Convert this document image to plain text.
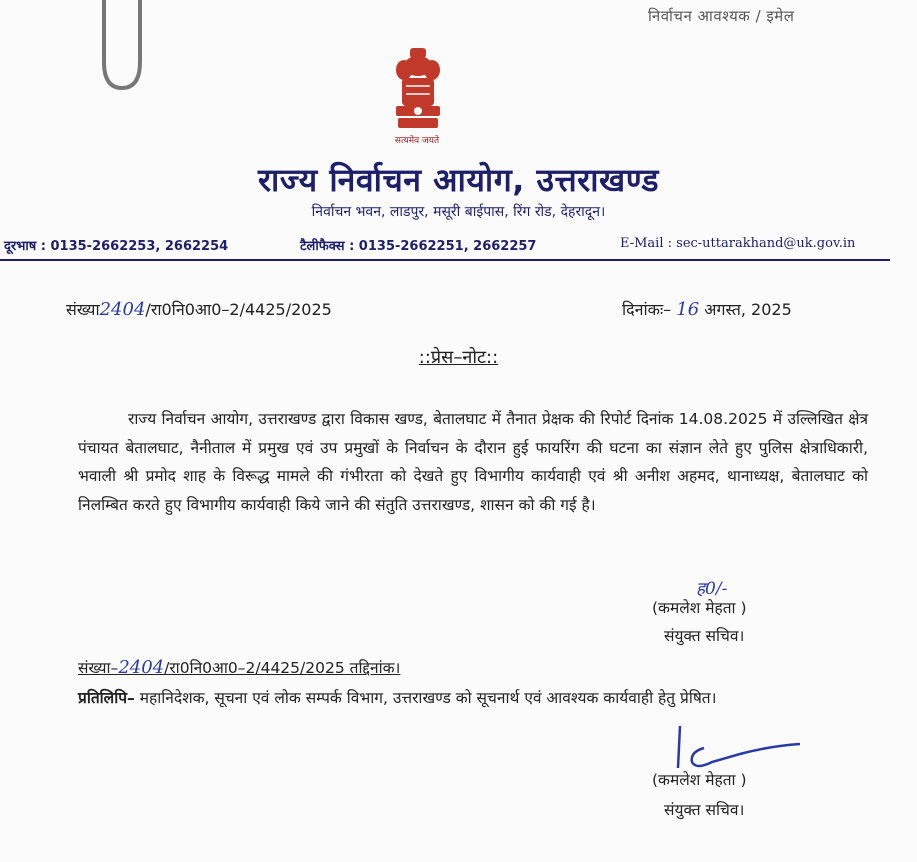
निर्वाचन आवश्यक / इमेल
सत्यमेव जयते
राज्य निर्वाचन आयोग, उत्तराखण्ड
निर्वाचन भवन, लाडपुर, मसूरी बाईपास, रिंग रोड, देहरादून।
दूरभाष : 0135-2662253, 2662254	टैलीफैक्स : 0135-2662251, 2662257	E-Mail : sec-uttarakhand@uk.gov.in
संख्या2404/रा0नि0आ0–2/4425/2025	दिनांकः– 16 अगस्त, 2025
::प्रेस–नोट::
राज्य निर्वाचन आयोग, उत्तराखण्ड द्वारा विकास खण्ड, बेतालघाट में तैनात प्रेक्षक की रिपोर्ट दिनांक 14.08.2025 में उल्लिखित क्षेत्र पंचायत बेतालघाट, नैनीताल में प्रमुख एवं उप प्रमुखों के निर्वाचन के दौरान हुई फायरिंग की घटना का संज्ञान लेते हुए पुलिस क्षेत्राधिकारी, भवाली श्री प्रमोद शाह के विरूद्ध मामले की गंभीरता को देखते हुए विभागीय कार्यवाही एवं श्री अनीश अहमद, थानाध्यक्ष, बेतालघाट को निलम्बित करते हुए विभागीय कार्यवाही किये जाने की संतुति उत्तराखण्ड, शासन को की गई है।
ह0/-
(कमलेश मेहता )
संयुक्त सचिव।
संख्या–2404/रा0नि0आ0–2/4425/2025 तद्दिनांक।
प्रतिलिपि– महानिदेशक, सूचना एवं लोक सम्पर्क विभाग, उत्तराखण्ड को सूचनार्थ एवं आवश्यक कार्यवाही हेतु प्रेषित।
(कमलेश मेहता )
संयुक्त सचिव।
